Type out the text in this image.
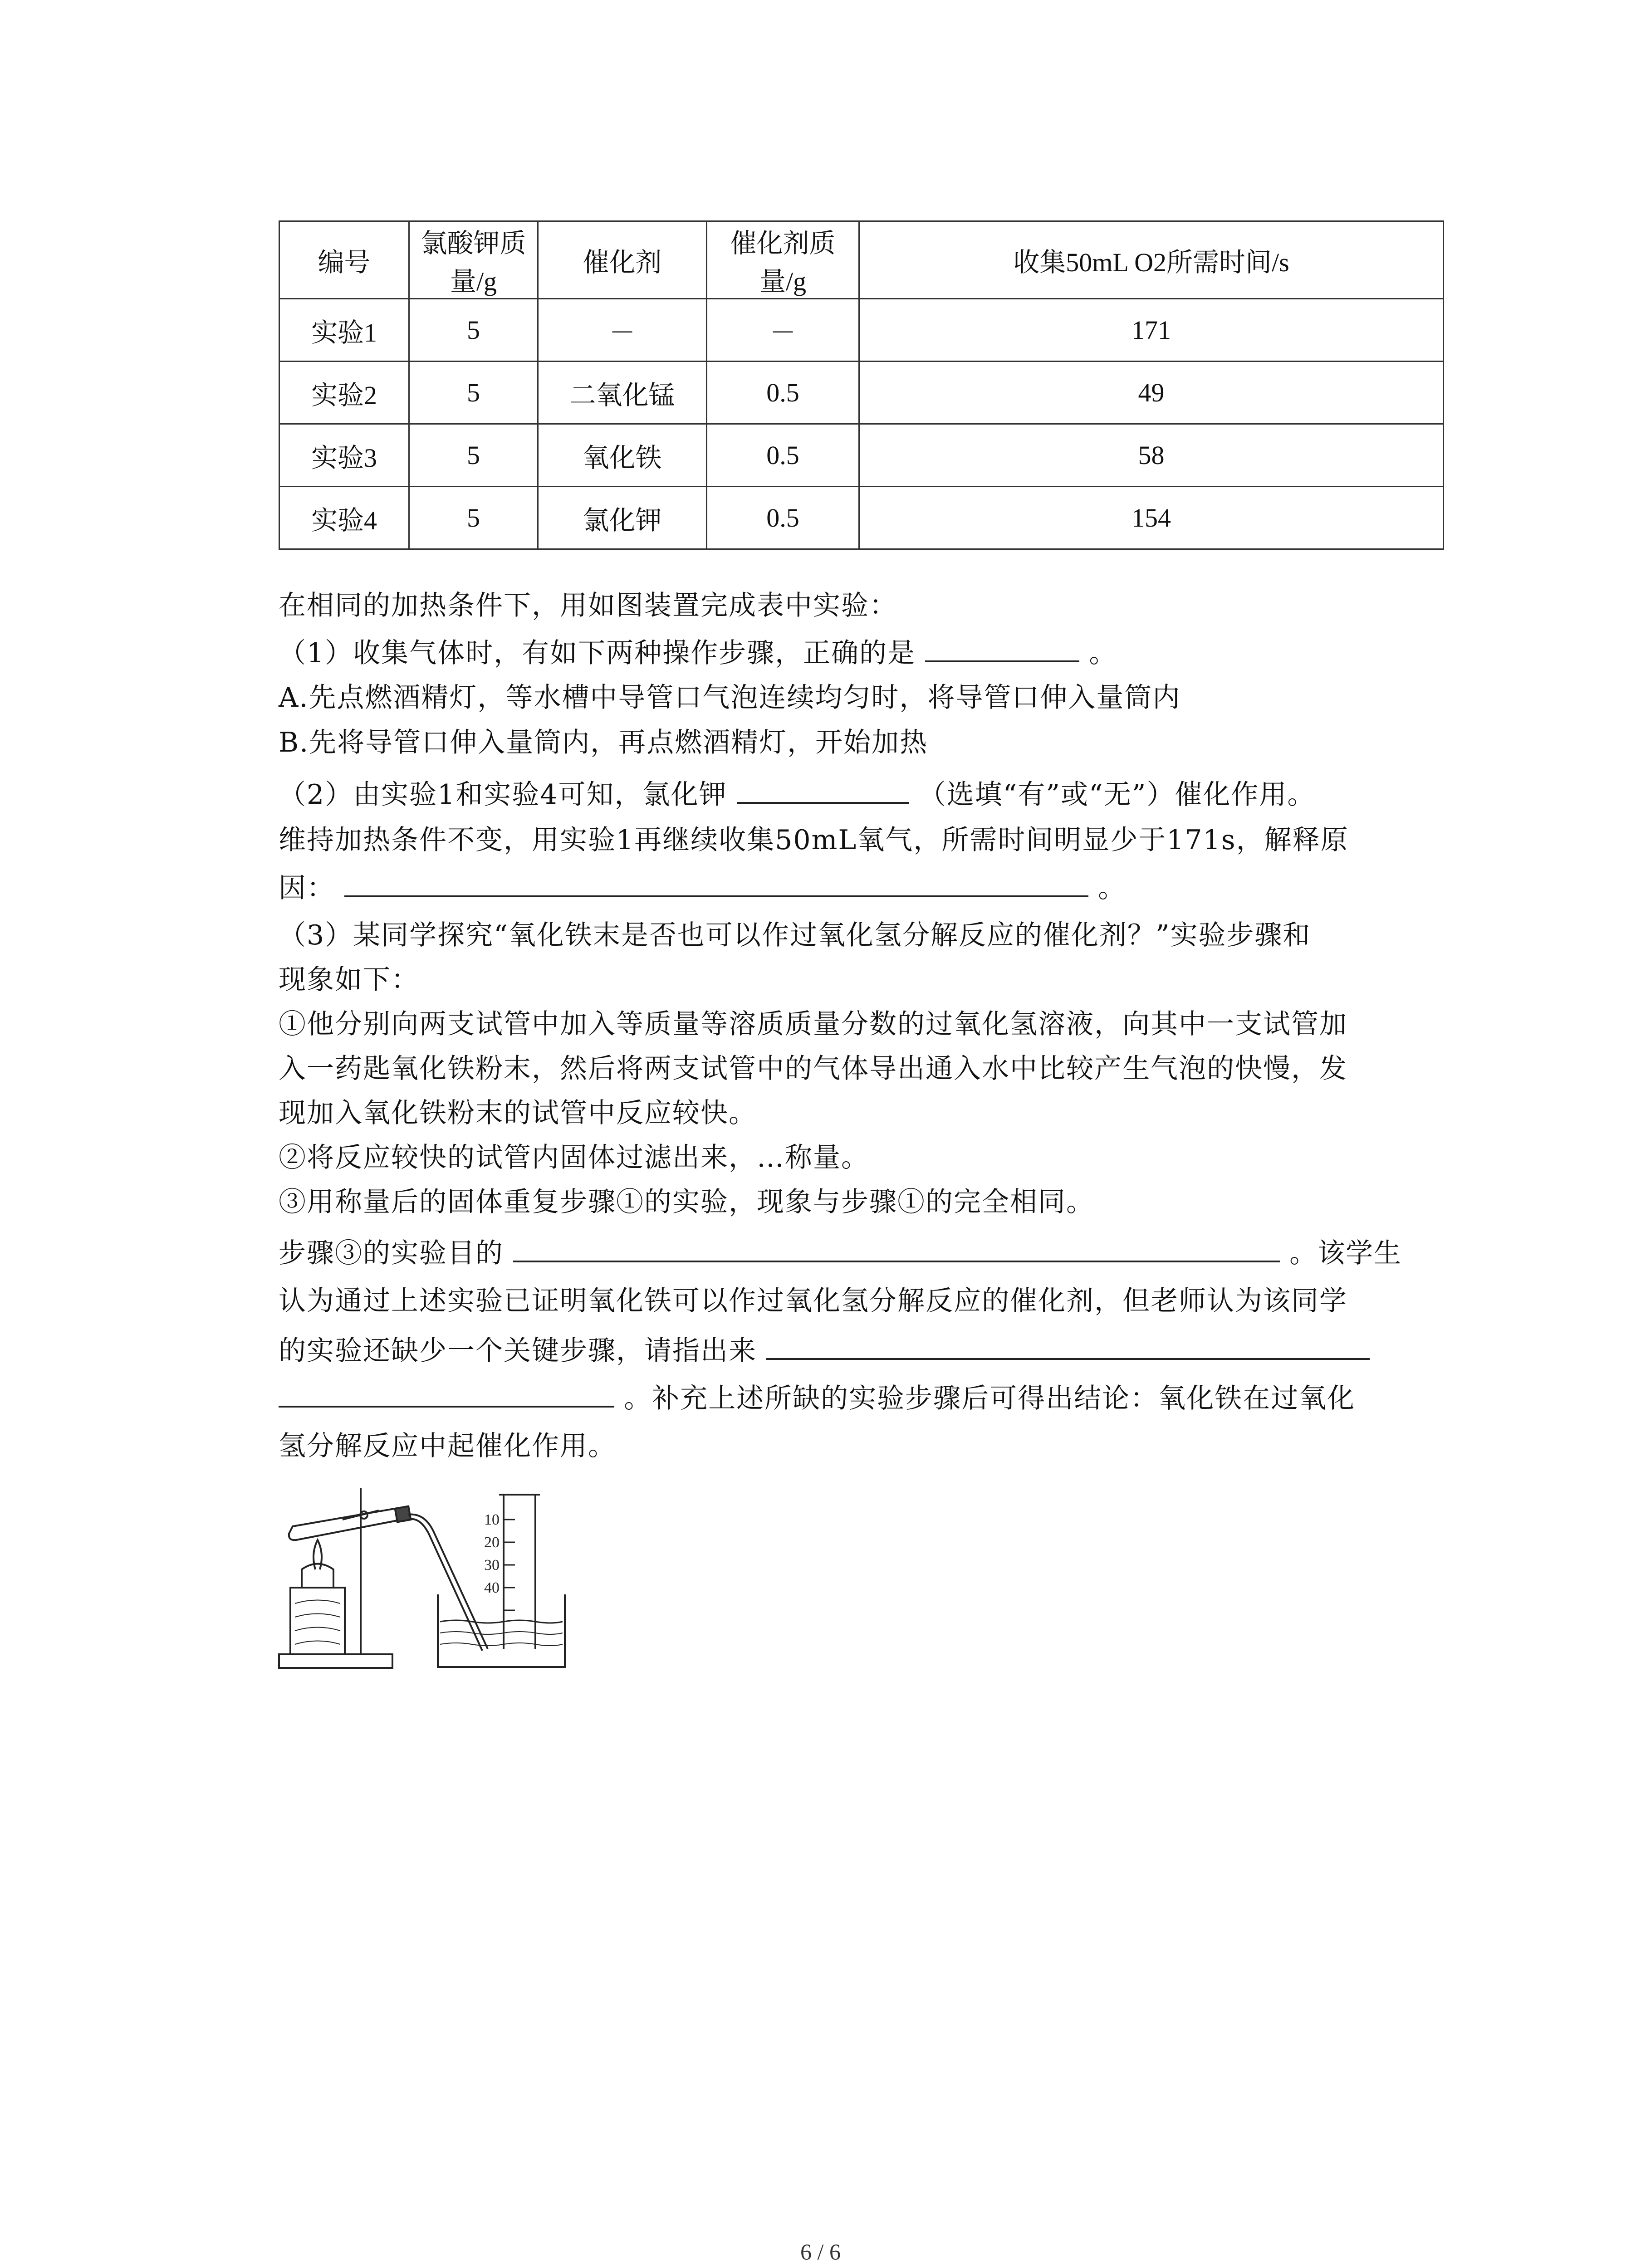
编号	氯酸钾质量/g	催化剂	催化剂质量/g	收集50mL O2所需时间/s
实验1	5	－	－	171
实验2	5	二氧化锰	0.5	49
实验3	5	氧化铁	0.5	58
实验4	5	氯化钾	0.5	154
在相同的加热条件下，用如图装置完成表中实验：
（1）收集气体时，有如下两种操作步骤，正确的是	。
A.先点燃酒精灯，等水槽中导管口气泡连续均匀时，将导管口伸入量筒内
B.先将导管口伸入量筒内，再点燃酒精灯，开始加热
（2）由实验1和实验4可知，氯化钾	（选填“有”或“无”）催化作用。
维持加热条件不变，用实验1再继续收集50mL氧气，所需时间明显少于171s，解释原
因：	。
（3）某同学探究“氧化铁末是否也可以作过氧化氢分解反应的催化剂？”实验步骤和
现象如下：
①他分别向两支试管中加入等质量等溶质质量分数的过氧化氢溶液，向其中一支试管加
入一药匙氧化铁粉末，然后将两支试管中的气体导出通入水中比较产生气泡的快慢，发
现加入氧化铁粉末的试管中反应较快。
②将反应较快的试管内固体过滤出来，…称量。
③用称量后的固体重复步骤①的实验，现象与步骤①的完全相同。
步骤③的实验目的	。该学生
认为通过上述实验已证明氧化铁可以作过氧化氢分解反应的催化剂，但老师认为该同学
的实验还缺少一个关键步骤，请指出来
。补充上述所缺的实验步骤后可得出结论：氧化铁在过氧化
氢分解反应中起催化作用。
10
20
30
40
6 / 6
